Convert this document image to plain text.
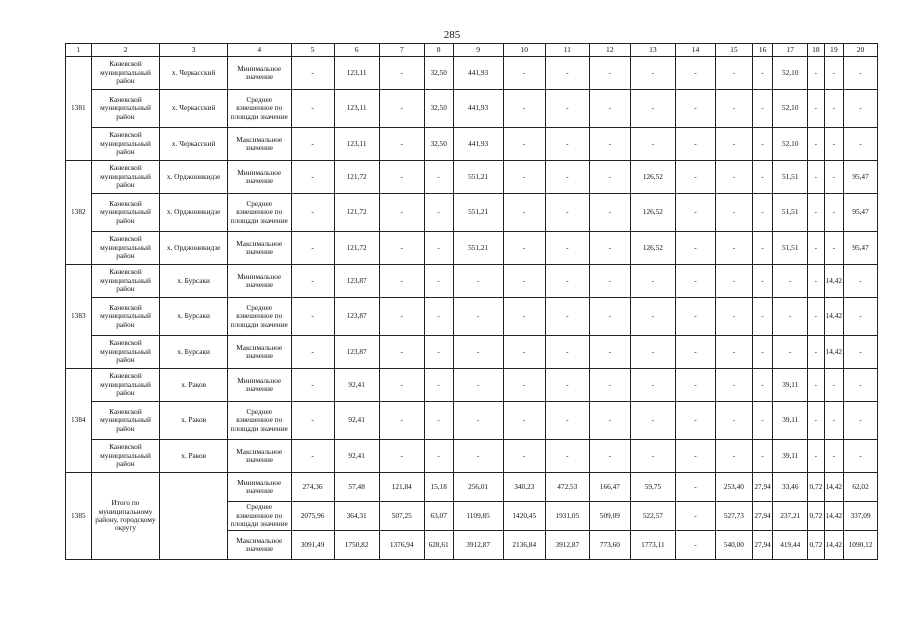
285
1	2	3	4	5	6	7	8	9	10	11	12	13	14	15	16	17	18	19	20
1381	Каневской муниципальный район	х. Черкасский	Минимальное значение	-	123,11	-	32,50	441,93	-	-	-	-	-	-	-	52,10	-	-	-
	Каневской муниципальный район	х. Черкасский	Среднее взвешенное по площади значение	-	123,11	-	32,50	441,93	-	-	-	-	-	-	-	52,10	-	-	-
	Каневской муниципальный район	х. Черкасский	Максимальное значение	-	123,11	-	32,50	441,93	-	-	-	-	-	-	-	52,10	-	-	-
1382	Каневской муниципальный район	х. Орджоникидзе	Минимальное значение	-	121,72	-	-	551,21	-	-	-	126,52	-	-	-	51,51	-	-	95,47
	Каневской муниципальный район	х. Орджоникидзе	Среднее взвешенное по площади значение	-	121,72	-	-	551,21	-	-	-	126,52	-	-	-	51,51	-	-	95,47
	Каневской муниципальный район	х. Орджоникидзе	Максимальное значение	-	121,72	-	-	551,21	-	-	-	126,52	-	-	-	51,51	-	-	95,47
1383	Каневской муниципальный район	х. Бурсаки	Минимальное значение	-	123,87	-	-	-	-	-	-	-	-	-	-	-	-	14,42	-
	Каневской муниципальный район	х. Бурсаки	Среднее взвешенное по площади значение	-	123,87	-	-	-	-	-	-	-	-	-	-	-	-	14,42	-
	Каневской муниципальный район	х. Бурсаки	Максимальное значение	-	123,87	-	-	-	-	-	-	-	-	-	-	-	-	14,42	-
1384	Каневской муниципальный район	х. Раков	Минимальное значение	-	92,41	-	-	-	-	-	-	-	-	-	-	39,11	-	-	-
	Каневской муниципальный район	х. Раков	Среднее взвешенное по площади значение	-	92,41	-	-	-	-	-	-	-	-	-	-	39,11	-	-	-
	Каневской муниципальный район	х. Раков	Максимальное значение	-	92,41	-	-	-	-	-	-	-	-	-	-	39,11	-	-	-
1385	Итого по муниципальному району, городскому округу		Минимальное значение	274,36	57,48	121,84	15,18	256,01	340,23	472,53	166,47	59,75	-	253,40	27,94	33,46	0,72	14,42	62,02
			Среднее взвешенное по площади значение	2075,96	364,31	507,25	63,07	1109,85	1420,45	1931,05	509,09	522,57	-	527,73	27,94	237,21	0,72	14,42	337,09
			Максимальное значение	3091,49	1750,82	1376,94	628,61	3912,87	2136,84	3912,87	773,60	1773,11	-	540,00	27,94	419,44	0,72	14,42	1090,12
